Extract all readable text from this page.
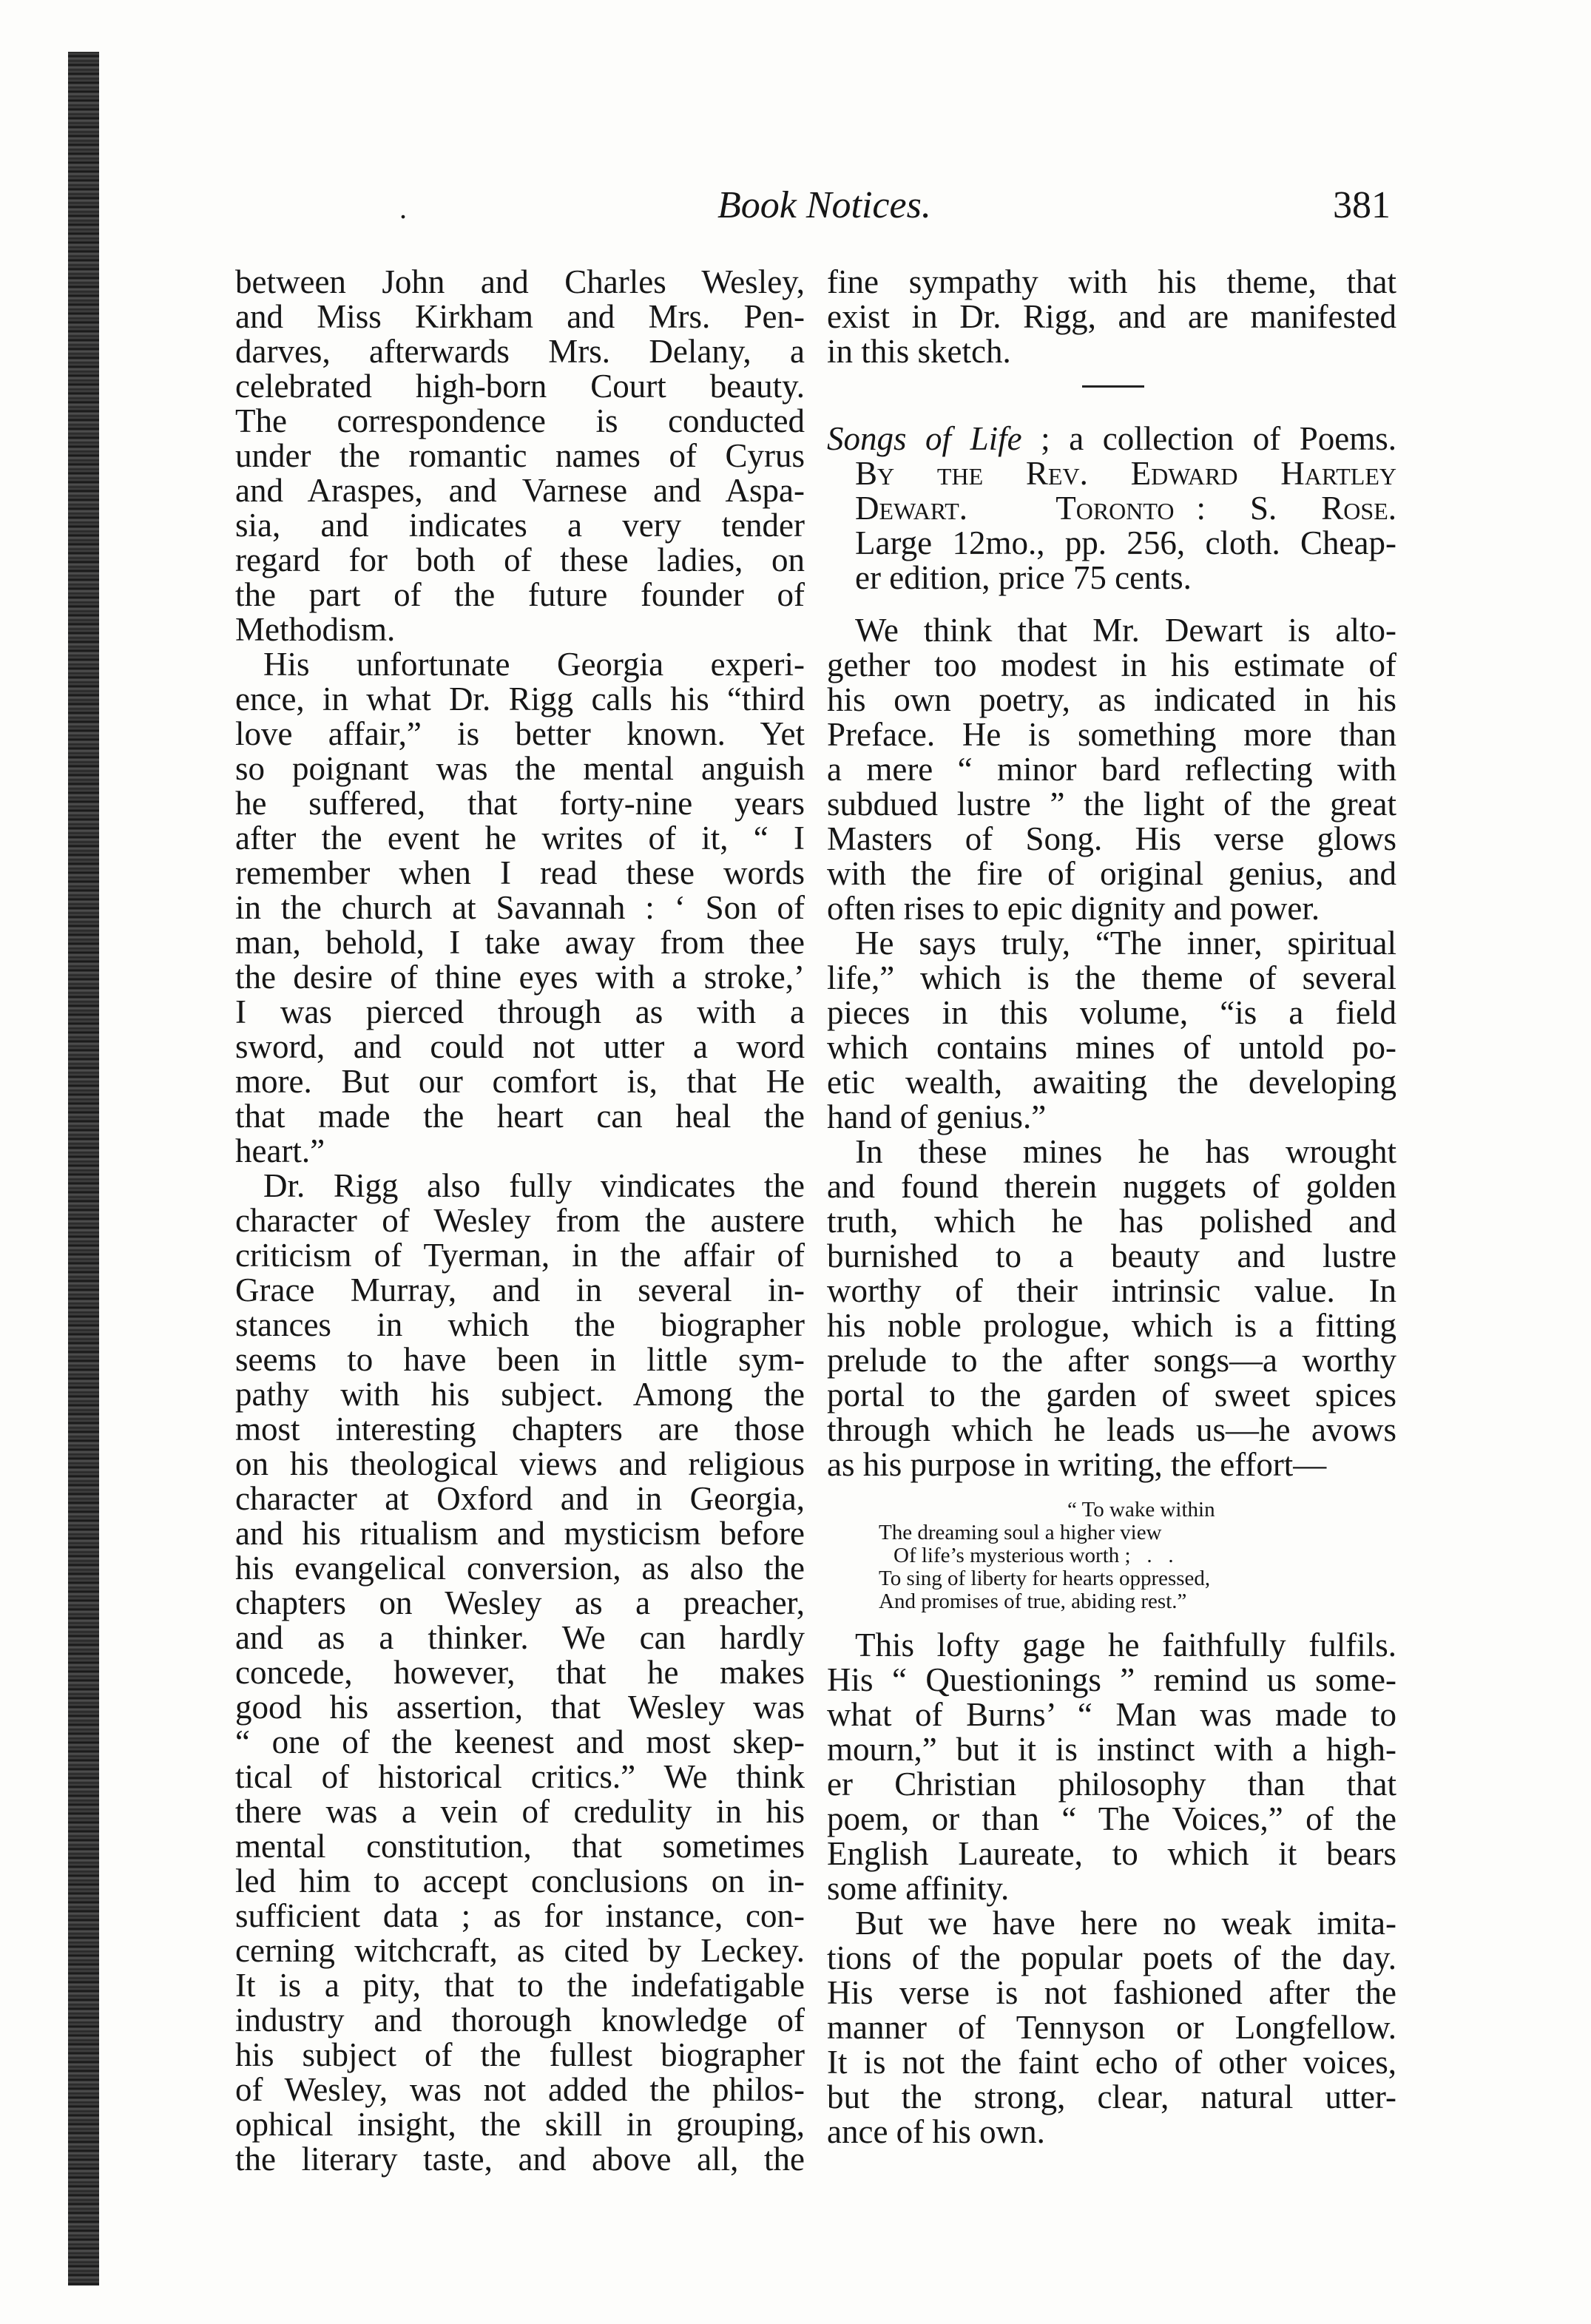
.	Book Notices.	381
between John and Charles Wesley,
and Miss Kirkham and Mrs. Pen-
darves, afterwards Mrs. Delany, a
celebrated high-born Court beauty.
The correspondence is conducted
under the romantic names of Cyrus
and Araspes, and Varnese and Aspa-
sia, and indicates a very tender
regard for both of these ladies, on
the part of the future founder of
Methodism.
His unfortunate Georgia experi-
ence, in what Dr. Rigg calls his “third
love affair,” is better known. Yet
so poignant was the mental anguish
he suffered, that forty-nine years
after the event he writes of it, “ I
remember when I read these words
in the church at Savannah : ‘ Son of
man, behold, I take away from thee
the desire of thine eyes with a stroke,’
I was pierced through as with a
sword, and could not utter a word
more. But our comfort is, that He
that made the heart can heal the
heart.”
Dr. Rigg also fully vindicates the
character of Wesley from the austere
criticism of Tyerman, in the affair of
Grace Murray, and in several in-
stances in which the biographer
seems to have been in little sym-
pathy with his subject. Among the
most interesting chapters are those
on his theological views and religious
character at Oxford and in Georgia,
and his ritualism and mysticism before
his evangelical conversion, as also the
chapters on Wesley as a preacher,
and as a thinker. We can hardly
concede, however, that he makes
good his assertion, that Wesley was
“ one of the keenest and most skep-
tical of historical critics.” We think
there was a vein of credulity in his
mental constitution, that sometimes
led him to accept conclusions on in-
sufficient data ; as for instance, con-
cerning witchcraft, as cited by Leckey.
It is a pity, that to the indefatigable
industry and thorough knowledge of
his subject of the fullest biographer
of Wesley, was not added the philos-
ophical insight, the skill in grouping,
the literary taste, and above all, the
fine sympathy with his theme, that
exist in Dr. Rigg, and are manifested
in this sketch.
Songs of Life ; a collection of Poems.
By the Rev. Edward Hartley
Dewart.    Toronto :  S.  Rose.
Large 12mo., pp. 256, cloth. Cheap-
er edition, price 75 cents.
We think that Mr. Dewart is alto-
gether too modest in his estimate of
his own poetry, as indicated in his
Preface. He is something more than
a mere “ minor bard reflecting with
subdued lustre ” the light of the great
Masters of Song. His verse glows
with the fire of original genius, and
often rises to epic dignity and power.
He says truly, “The inner, spiritual
life,” which is the theme of several
pieces in this volume, “is a field
which contains mines of untold po-
etic wealth, awaiting the developing
hand of genius.”
In these mines he has wrought
and found therein nuggets of golden
truth, which he has polished and
burnished to a beauty and lustre
worthy of their intrinsic value. In
his noble prologue, which is a fitting
prelude to the after songs—a worthy
portal to the garden of sweet spices
through which he leads us—he avows
as his purpose in writing, the effort—
“ To wake within
The dreaming soul a higher view
Of life’s mysterious worth ;   .   .
To sing of liberty for hearts oppressed,
And promises of true, abiding rest.”
This lofty gage he faithfully fulfils.
His “ Questionings ” remind us some-
what of Burns’ “ Man was made to
mourn,” but it is instinct with a high-
er Christian philosophy than that
poem, or than “ The Voices,” of the
English Laureate, to which it bears
some affinity.
But we have here no weak imita-
tions of the popular poets of the day.
His verse is not fashioned after the
manner of Tennyson or Longfellow.
It is not the faint echo of other voices,
but the strong, clear, natural utter-
ance of his own.
